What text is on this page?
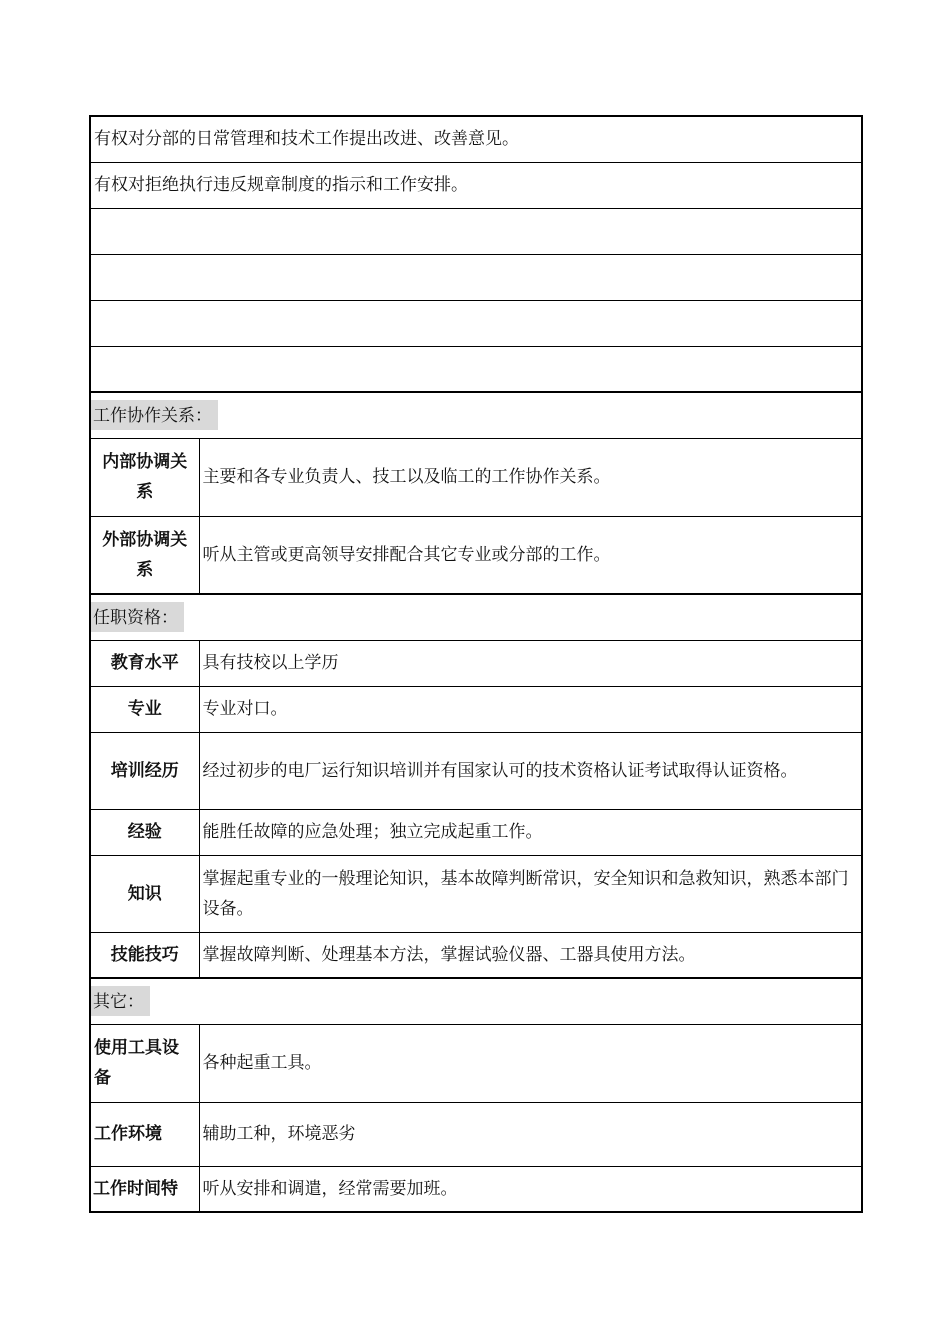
有权对分部的日常管理和技术工作提出改进、改善意见。	
有权对拒绝执行违反规章制度的指示和工作安排。	

工作协作关系：	
内部协调关系	主要和各专业负责人、技工以及临工的工作协作关系。
外部协调关系	听从主管或更高领导安排配合其它专业或分部的工作。
任职资格：	
教育水平	具有技校以上学历
专业	专业对口。
培训经历	经过初步的电厂运行知识培训并有国家认可的技术资格认证考试取得认证资格。
经验	能胜任故障的应急处理；独立完成起重工作。
知识	掌握起重专业的一般理论知识，基本故障判断常识，安全知识和急救知识，熟悉本部门设备。
技能技巧	掌握故障判断、处理基本方法，掌握试验仪器、工器具使用方法。
其它：	
使用工具设备	各种起重工具。
工作环境	辅助工种，环境恶劣
工作时间特	听从安排和调遣，经常需要加班。
